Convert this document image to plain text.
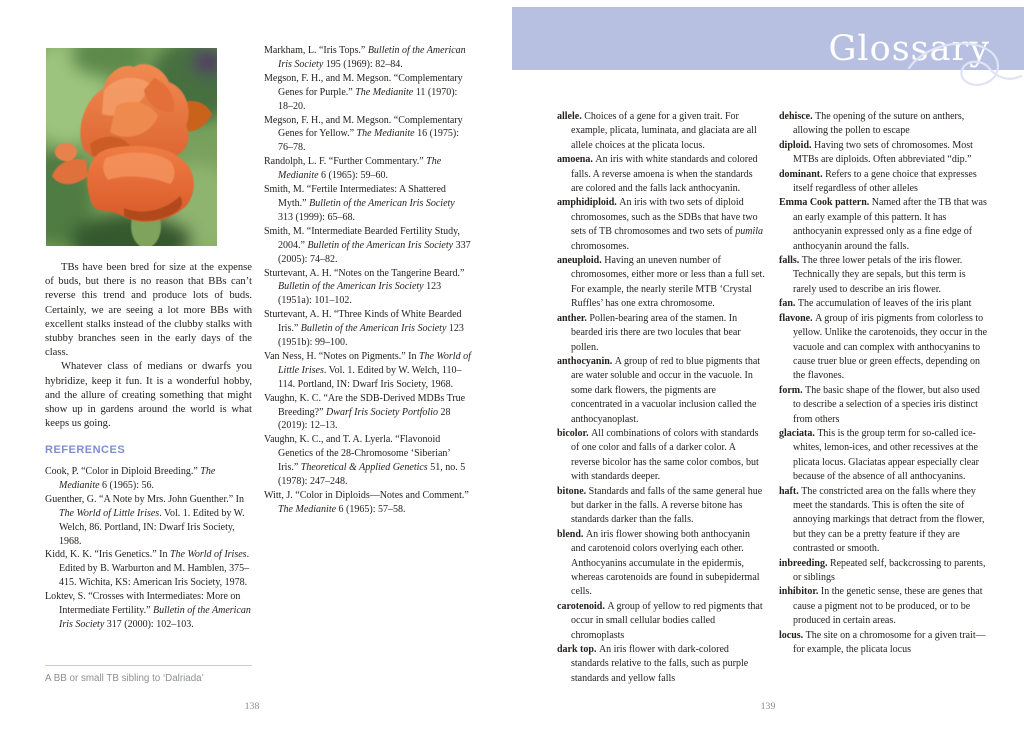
TBs have been bred for size at the expense of buds, but there is no reason that BBs can’t reverse this trend and produce lots of buds. Certainly, we are seeing a lot more BBs with excellent stalks instead of the clubby stalks with stubby branches seen in the early days of the class.

Whatever class of medians or dwarfs you hybridize, keep it fun. It is a wonderful hobby, and the allure of creating something that might show up in gardens around the world is what keeps us going.

REFERENCES

Cook, P. “Color in Diploid Breeding.” The Medianite 6 (1965): 56.

Guenther, G. “A Note by Mrs. John Guenther.” In The World of Little Irises. Vol. 1. Edited by W. Welch, 86. Portland, IN: Dwarf Iris Society, 1968.

Kidd, K. K. “Iris Genetics.” In The World of Irises. Edited by B. Warburton and M. Hamblen, 375–415. Wichita, KS: American Iris Society, 1978.

Loktev, S. “Crosses with Intermediates: More on Intermediate Fertility.” Bulletin of the American Iris Society 317 (2000): 102–103.

Markham, L. “Iris Tops.” Bulletin of the American Iris Society 195 (1969): 82–84.

Megson, F. H., and M. Megson. “Complementary Genes for Purple.” The Medianite 11 (1970): 18–20.

Megson, F. H., and M. Megson. “Complementary Genes for Yellow.” The Medianite 16 (1975): 76–78.

Randolph, L. F. “Further Commentary.” The Medianite 6 (1965): 59–60.

Smith, M. “Fertile Intermediates: A Shattered Myth.” Bulletin of the American Iris Society 313 (1999): 65–68.

Smith, M. “Intermediate Bearded Fertility Study, 2004.” Bulletin of the American Iris Society 337 (2005): 74–82.

Sturtevant, A. H. “Notes on the Tangerine Beard.” Bulletin of the American Iris Society 123 (1951a): 101–102.

Sturtevant, A. H. “Three Kinds of White Bearded Iris.” Bulletin of the American Iris Society 123 (1951b): 99–100.

Van Ness, H. “Notes on Pigments.” In The World of Little Irises. Vol. 1. Edited by W. Welch, 110–114. Portland, IN: Dwarf Iris Society, 1968.

Vaughn, K. C. “Are the SDB-Derived MDBs True Breeding?” Dwarf Iris Society Portfolio 28 (2019): 12–13.

Vaughn, K. C., and T. A. Lyerla. “Flavonoid Genetics of the 28-Chromosome ‘Siberian’ Iris.” Theoretical & Applied Genetics 51, no. 5 (1978): 247–248.

Witt, J. “Color in Diploids—Notes and Comment.” The Medianite 6 (1965): 57–58.

A BB or small TB sibling to ‘Dalriada’
138
Glossary

allele. Choices of a gene for a given trait. For example, plicata, luminata, and glaciata are all allele choices at the plicata locus.

amoena. An iris with white standards and colored falls. A reverse amoena is when the standards are colored and the falls lack anthocyanin.

amphidiploid. An iris with two sets of diploid chromosomes, such as the SDBs that have two sets of TB chromosomes and two sets of pumila chromosomes.

aneuploid. Having an uneven number of chromosomes, either more or less than a full set. For example, the nearly sterile MTB ‘Crystal Ruffles’ has one extra chromosome.

anther. Pollen-bearing area of the stamen. In bearded iris there are two locules that bear pollen.

anthocyanin. A group of red to blue pigments that are water soluble and occur in the vacuole. In some dark flowers, the pigments are concentrated in a vacuolar inclusion called the anthocyanoplast.

bicolor. All combinations of colors with standards of one color and falls of a darker color. A reverse bicolor has the same color combos, but with standards deeper.

bitone. Standards and falls of the same general hue but darker in the falls. A reverse bitone has standards darker than the falls.

blend. An iris flower showing both anthocyanin and carotenoid colors overlying each other. Anthocyanins accumulate in the epidermis, whereas carotenoids are found in subepidermal cells.

carotenoid. A group of yellow to red pigments that occur in small cellular bodies called chromoplasts

dark top. An iris flower with dark-colored standards relative to the falls, such as purple standards and yellow falls

dehisce. The opening of the suture on anthers, allowing the pollen to escape

diploid. Having two sets of chromosomes. Most MTBs are diploids. Often abbreviated “dip.”

dominant. Refers to a gene choice that expresses itself regardless of other alleles

Emma Cook pattern. Named after the TB that was an early example of this pattern. It has anthocyanin expressed only as a fine edge of anthocyanin around the falls.

falls. The three lower petals of the iris flower. Technically they are sepals, but this term is rarely used to describe an iris flower.

fan. The accumulation of leaves of the iris plant

flavone. A group of iris pigments from colorless to yellow. Unlike the carotenoids, they occur in the vacuole and can complex with anthocyanins to cause truer blue or green effects, depending on the flavones.

form. The basic shape of the flower, but also used to describe a selection of a species iris distinct from others

glaciata. This is the group term for so-called ice-whites, lemon-ices, and other recessives at the plicata locus. Glaciatas appear especially clear because of the absence of all anthocyanins.

haft. The constricted area on the falls where they meet the standards. This is often the site of annoying markings that detract from the flower, but they can be a pretty feature if they are contrasted or smooth.

inbreeding. Repeated self, backcrossing to parents, or siblings

inhibitor. In the genetic sense, these are genes that cause a pigment not to be produced, or to be produced in certain areas.

locus. The site on a chromosome for a given trait—for example, the plicata locus

139
